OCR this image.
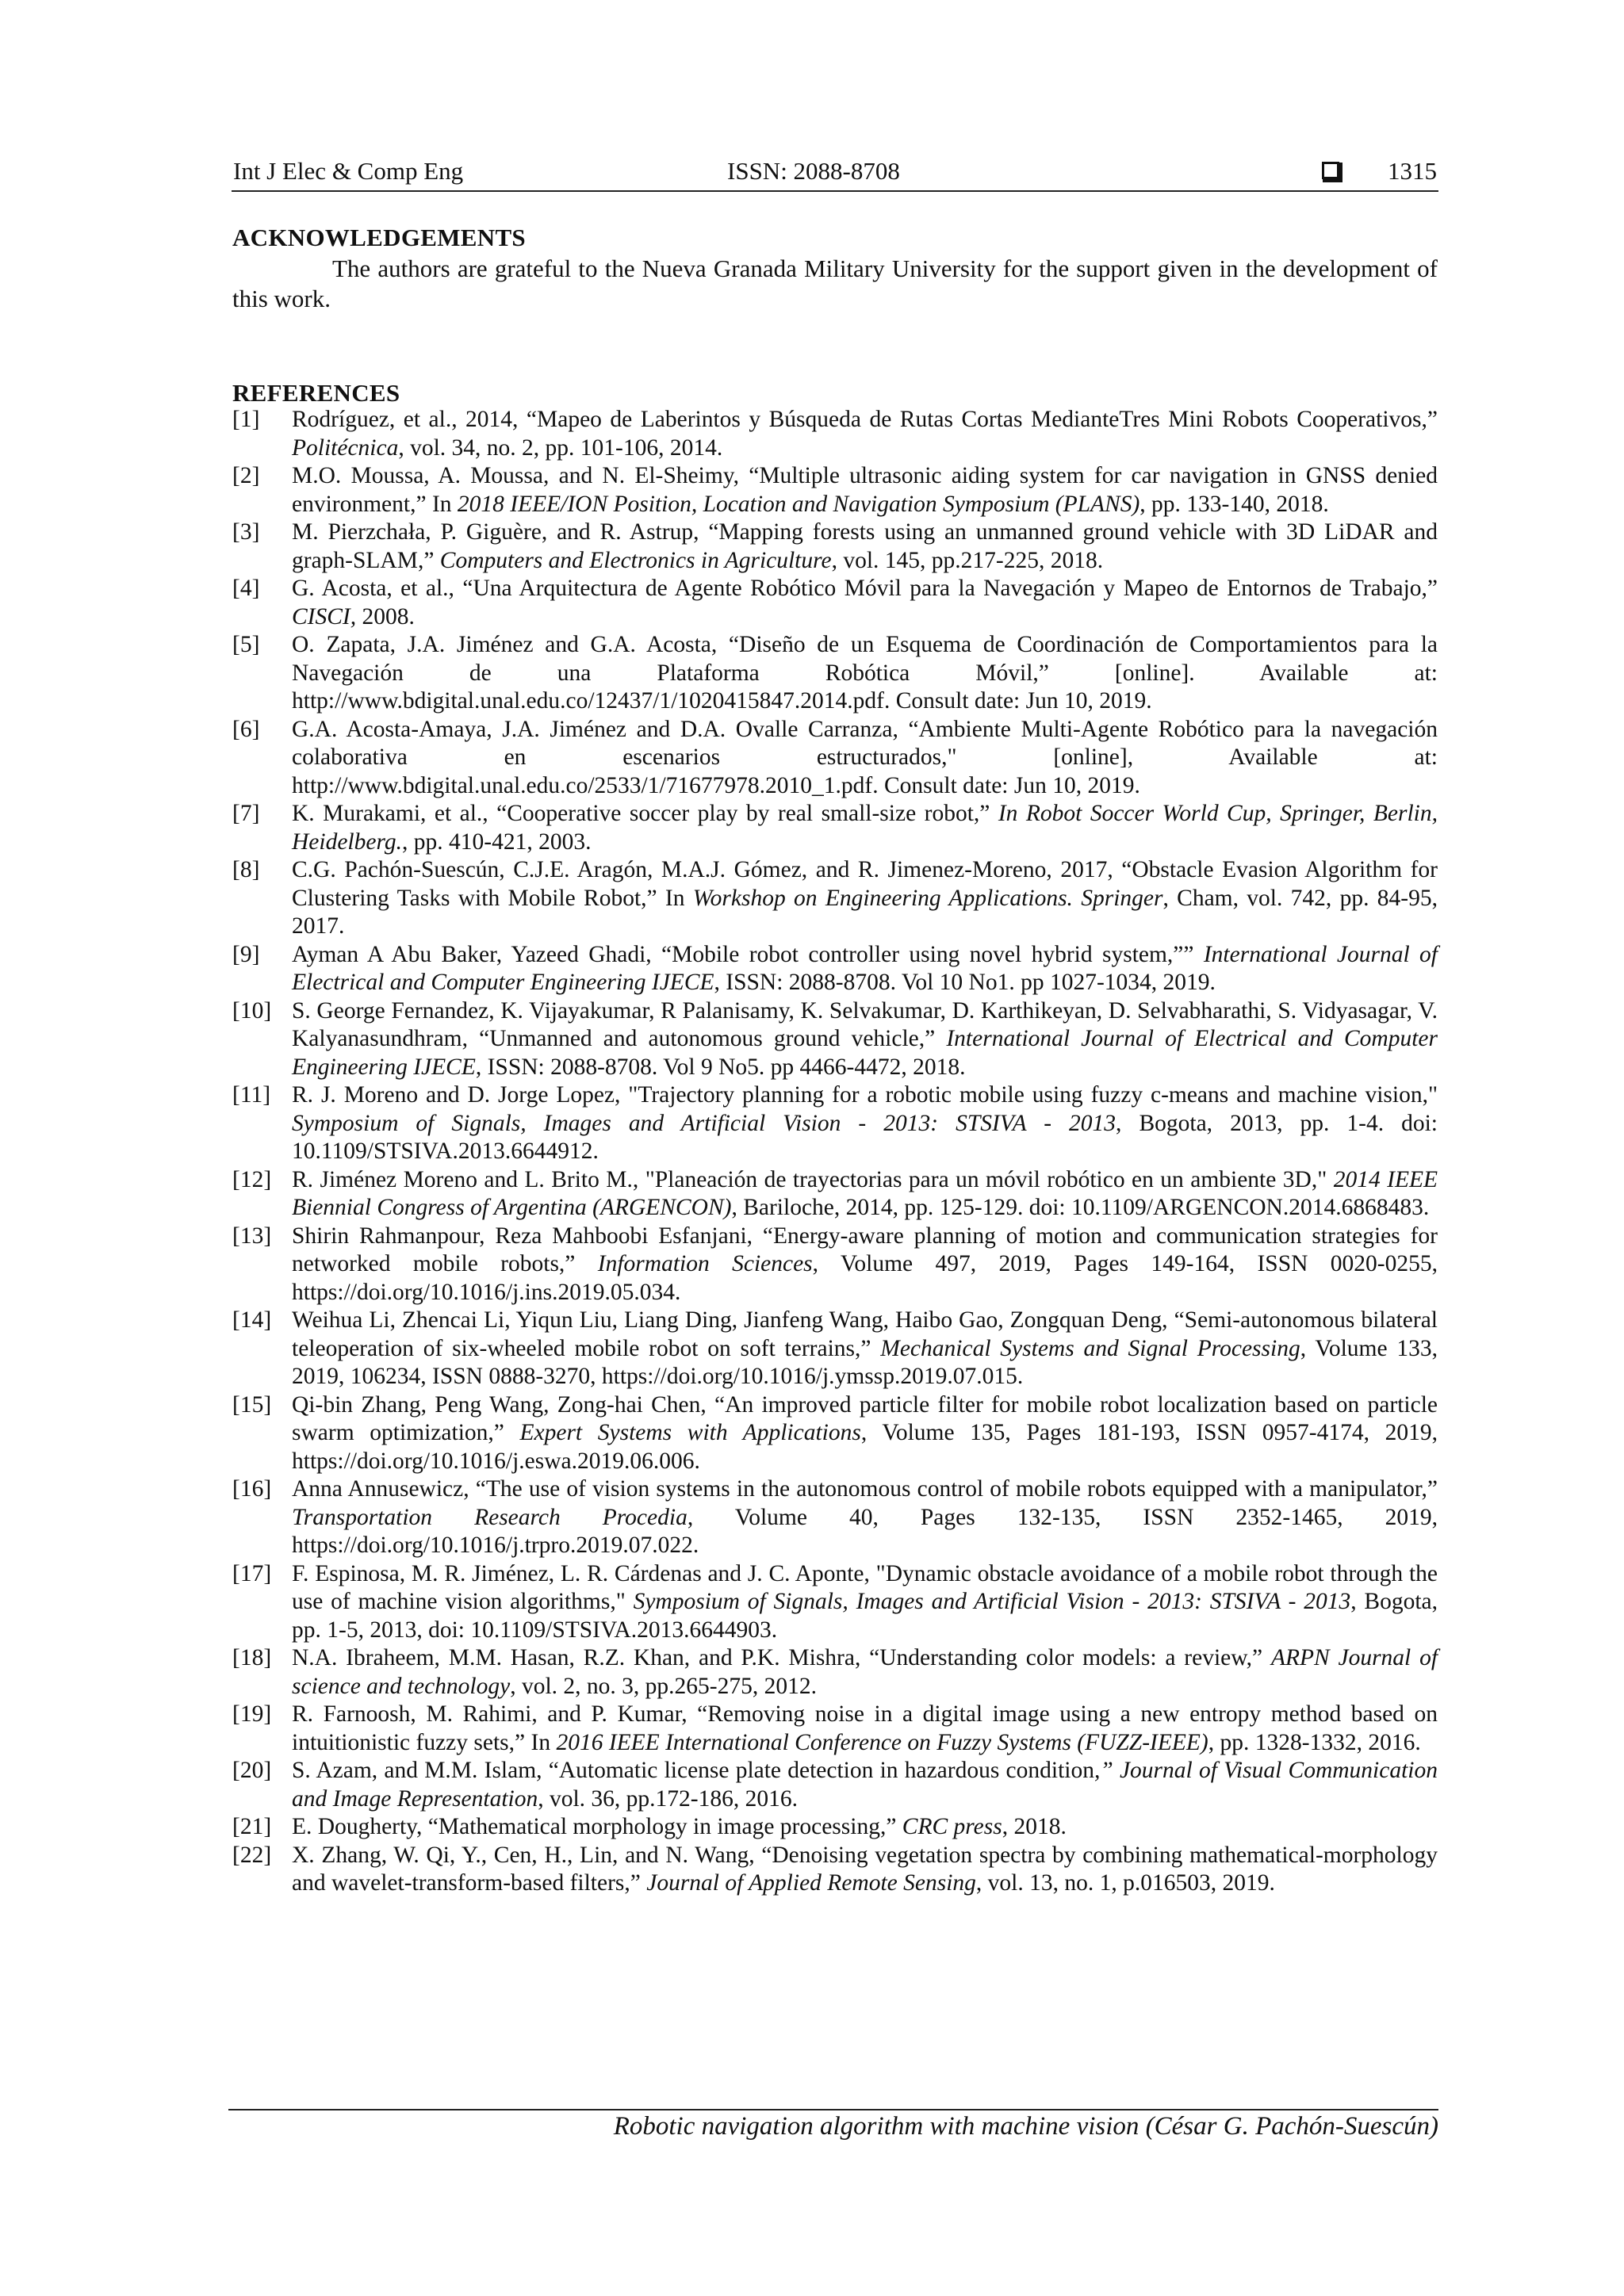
Int J Elec & Comp Eng	ISSN: 2088-8708	1315
ACKNOWLEDGEMENTS
The authors are grateful to the Nueva Granada Military University for the support given in the development of this work.
REFERENCES
[1]	Rodríguez, et al., 2014, “Mapeo de Laberintos y Búsqueda de Rutas Cortas MedianteTres Mini Robots Cooperativos,” Politécnica, vol. 34, no. 2, pp. 101-106, 2014.
[2]	M.O. Moussa, A. Moussa, and N. El-Sheimy, “Multiple ultrasonic aiding system for car navigation in GNSS denied environment,” In 2018 IEEE/ION Position, Location and Navigation Symposium (PLANS), pp. 133-140, 2018.
[3]	M. Pierzchała, P. Giguère, and R. Astrup, “Mapping forests using an unmanned ground vehicle with 3D LiDAR and graph-SLAM,” Computers and Electronics in Agriculture, vol. 145, pp.217-225, 2018.
[4]	G. Acosta, et al., “Una Arquitectura de Agente Robótico Móvil para la Navegación y Mapeo de Entornos de Trabajo,” CISCI, 2008.
[5]	O. Zapata, J.A. Jiménez and G.A. Acosta, “Diseño de un Esquema de Coordinación de Comportamientos para la Navegación de una Plataforma Robótica Móvil,” [online]. Available at: http://www.bdigital.unal.edu.co/12437/1/1020415847.2014.pdf. Consult date: Jun 10, 2019.
[6]	G.A. Acosta-Amaya, J.A. Jiménez and D.A. Ovalle Carranza, “Ambiente Multi-Agente Robótico para la navegación colaborativa en escenarios estructurados," [online], Available at: http://www.bdigital.unal.edu.co/2533/1/71677978.2010_1.pdf. Consult date: Jun 10, 2019.
[7]	K. Murakami, et al., “Cooperative soccer play by real small-size robot,” In Robot Soccer World Cup, Springer, Berlin, Heidelberg., pp. 410-421, 2003.
[8]	C.G. Pachón-Suescún, C.J.E. Aragón, M.A.J. Gómez, and R. Jimenez-Moreno, 2017, “Obstacle Evasion Algorithm for Clustering Tasks with Mobile Robot,” In Workshop on Engineering Applications. Springer, Cham, vol. 742, pp. 84-95, 2017.
[9]	Ayman A Abu Baker, Yazeed Ghadi, “Mobile robot controller using novel hybrid system,”” International Journal of Electrical and Computer Engineering IJECE, ISSN: 2088-8708. Vol 10 No1. pp 1027-1034, 2019.
[10] S. George Fernandez, K. Vijayakumar, R Palanisamy, K. Selvakumar, D. Karthikeyan, D. Selvabharathi, S. Vidyasagar, V. Kalyanasundhram, “Unmanned and autonomous ground vehicle,” International Journal of Electrical and Computer Engineering IJECE, ISSN: 2088-8708. Vol 9 No5. pp 4466-4472, 2018.
[11] R. J. Moreno and D. Jorge Lopez, "Trajectory planning for a robotic mobile using fuzzy c-means and machine vision," Symposium of Signals, Images and Artificial Vision - 2013: STSIVA - 2013, Bogota, 2013, pp. 1-4. doi: 10.1109/STSIVA.2013.6644912.
[12] R. Jiménez Moreno and L. Brito M., "Planeación de trayectorias para un móvil robótico en un ambiente 3D," 2014 IEEE Biennial Congress of Argentina (ARGENCON), Bariloche, 2014, pp. 125-129. doi: 10.1109/ARGENCON.2014.6868483.
[13] Shirin Rahmanpour, Reza Mahboobi Esfanjani, “Energy-aware planning of motion and communication strategies for networked mobile robots,” Information Sciences, Volume 497, 2019, Pages 149-164, ISSN 0020-0255, https://doi.org/10.1016/j.ins.2019.05.034.
[14] Weihua Li, Zhencai Li, Yiqun Liu, Liang Ding, Jianfeng Wang, Haibo Gao, Zongquan Deng, “Semi-autonomous bilateral teleoperation of six-wheeled mobile robot on soft terrains,” Mechanical Systems and Signal Processing, Volume 133, 2019, 106234, ISSN 0888-3270, https://doi.org/10.1016/j.ymssp.2019.07.015.
[15] Qi-bin Zhang, Peng Wang, Zong-hai Chen, “An improved particle filter for mobile robot localization based on particle swarm optimization,” Expert Systems with Applications, Volume 135, Pages 181-193, ISSN 0957-4174, 2019, https://doi.org/10.1016/j.eswa.2019.06.006.
[16] Anna Annusewicz, “The use of vision systems in the autonomous control of mobile robots equipped with a manipulator,” Transportation Research Procedia, Volume 40, Pages 132-135, ISSN 2352-1465, 2019, https://doi.org/10.1016/j.trpro.2019.07.022.
[17] F. Espinosa, M. R. Jiménez, L. R. Cárdenas and J. C. Aponte, "Dynamic obstacle avoidance of a mobile robot through the use of machine vision algorithms," Symposium of Signals, Images and Artificial Vision - 2013: STSIVA - 2013, Bogota, pp. 1-5, 2013, doi: 10.1109/STSIVA.2013.6644903.
[18] N.A. Ibraheem, M.M. Hasan, R.Z. Khan, and P.K. Mishra, “Understanding color models: a review,” ARPN Journal of science and technology, vol. 2, no. 3, pp.265-275, 2012.
[19] R. Farnoosh, M. Rahimi, and P. Kumar, “Removing noise in a digital image using a new entropy method based on intuitionistic fuzzy sets,” In 2016 IEEE International Conference on Fuzzy Systems (FUZZ-IEEE), pp. 1328-1332, 2016.
[20] S. Azam, and M.M. Islam, “Automatic license plate detection in hazardous condition,” Journal of Visual Communication and Image Representation, vol. 36, pp.172-186, 2016.
[21] E. Dougherty, “Mathematical morphology in image processing,” CRC press, 2018.
[22] X. Zhang, W. Qi, Y., Cen, H., Lin, and N. Wang, “Denoising vegetation spectra by combining mathematical-morphology and wavelet-transform-based filters,” Journal of Applied Remote Sensing, vol. 13, no. 1, p.016503, 2019.
Robotic navigation algorithm with machine vision (César G. Pachón-Suescún)
